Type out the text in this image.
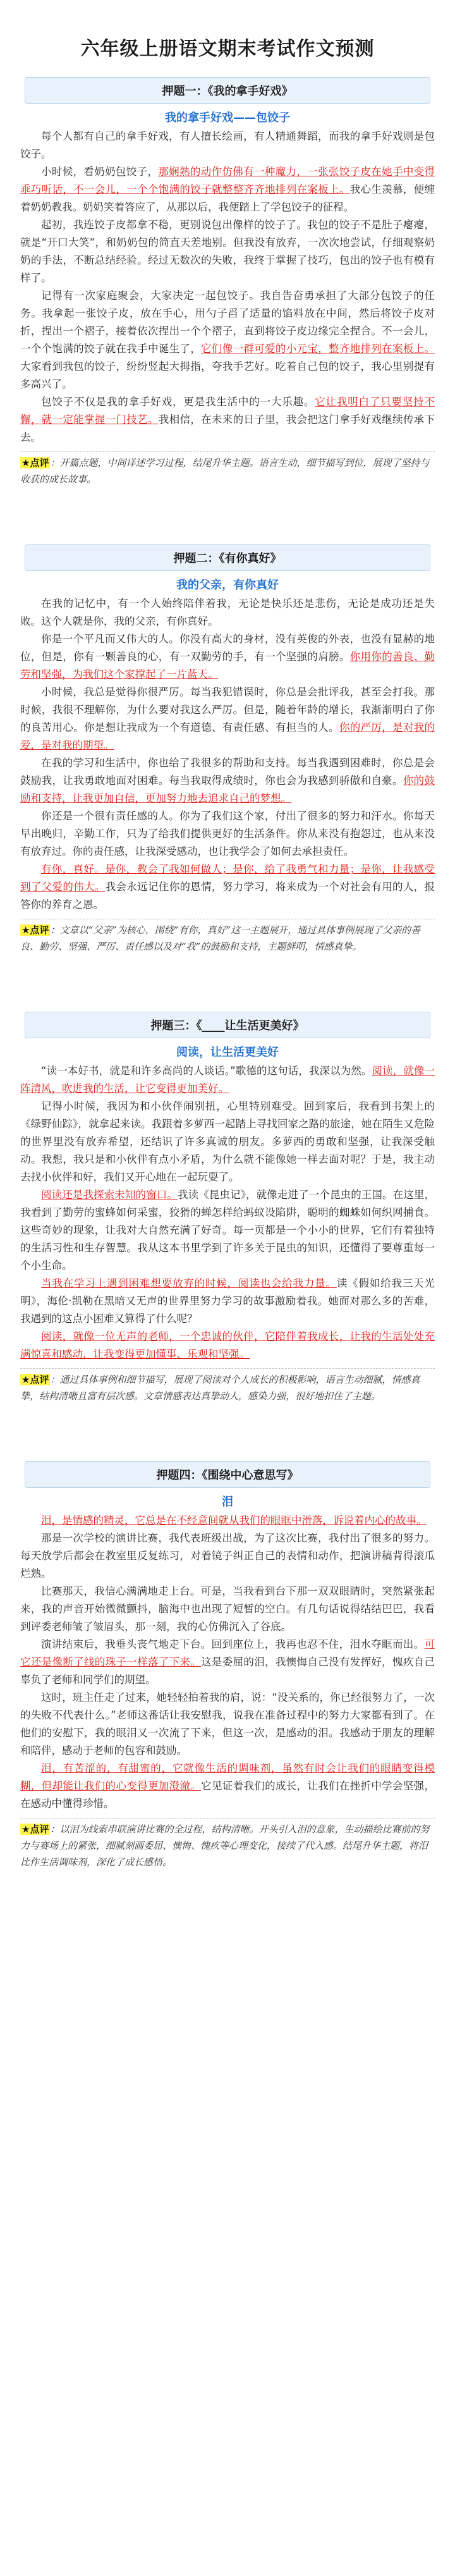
六年级上册语文期末考试作文预测
押题一：《我的拿手好戏》
我的拿手好戏——包饺子

每个人都有自己的拿手好戏，有人擅长绘画，有人精通舞蹈，而我的拿手好戏则是包饺子。

小时候，看奶奶包饺子，那娴熟的动作仿佛有一种魔力，一张张饺子皮在她手中变得乖巧听话，不一会儿，一个个饱满的饺子就整整齐齐地排列在案板上。我心生羡慕，便缠着奶奶教我。奶奶笑着答应了，从那以后，我便踏上了学包饺子的征程。

起初，我连饺子皮都拿不稳，更别说包出像样的饺子了。我包的饺子不是肚子瘪瘪，就是“开口大笑”，和奶奶包的简直天差地别。但我没有放弃，一次次地尝试，仔细观察奶奶的手法，不断总结经验。经过无数次的失败，我终于掌握了技巧，包出的饺子也有模有样了。

记得有一次家庭聚会，大家决定一起包饺子。我自告奋勇承担了大部分包饺子的任务。我拿起一张饺子皮，放在手心，用勺子舀了适量的馅料放在中间，然后将饺子皮对折，捏出一个褶子，接着依次捏出一个个褶子，直到将饺子皮边缘完全捏合。不一会儿，一个个饱满的饺子就在我手中诞生了，它们像一群可爱的小元宝，整齐地排列在案板上。大家看到我包的饺子，纷纷竖起大拇指，夸我手艺好。吃着自己包的饺子，我心里别提有多高兴了。

包饺子不仅是我的拿手好戏，更是我生活中的一大乐趣。它让我明白了只要坚持不懈，就一定能掌握一门技艺。我相信，在未来的日子里，我会把这门拿手好戏继续传承下去。

★点评 ：开篇点题，中间详述学习过程，结尾升华主题。语言生动，细节描写到位，展现了坚持与收获的成长故事。
押题二：《有你真好》
我的父亲，有你真好

在我的记忆中，有一个人始终陪伴着我，无论是快乐还是悲伤，无论是成功还是失败。这个人就是你，我的父亲，有你真好。

你是一个平凡而又伟大的人。你没有高大的身材，没有英俊的外表，也没有显赫的地位，但是，你有一颗善良的心，有一双勤劳的手，有一个坚强的肩膀。你用你的善良、勤劳和坚强，为我们这个家撑起了一片蓝天。

小时候，我总是觉得你很严厉。每当我犯错误时，你总是会批评我，甚至会打我。那时候，我很不理解你，为什么要对我这么严厉。但是，随着年龄的增长，我渐渐明白了你的良苦用心。你是想让我成为一个有道德、有责任感、有担当的人。你的严厉，是对我的爱，是对我的期望。

在我的学习和生活中，你也给了我很多的帮助和支持。每当我遇到困难时，你总是会鼓励我，让我勇敢地面对困难。每当我取得成绩时，你也会为我感到骄傲和自豪。你的鼓励和支持，让我更加自信，更加努力地去追求自己的梦想。

你还是一个很有责任感的人。你为了我们这个家，付出了很多的努力和汗水。你每天早出晚归，辛勤工作，只为了给我们提供更好的生活条件。你从来没有抱怨过，也从来没有放弃过。你的责任感，让我深受感动，也让我学会了如何去承担责任。

有你，真好。是你，教会了我如何做人；是你，给了我勇气和力量；是你，让我感受到了父爱的伟大。我会永远记住你的恩情，努力学习，将来成为一个对社会有用的人，报答你的养育之恩。

★点评 ：文章以“父亲”为核心，围绕“有你，真好”这一主题展开，通过具体事例展现了父亲的善良、勤劳、坚强、严厉、责任感以及对“我”的鼓励和支持，主题鲜明，情感真挚。
押题三：《____让生活更美好》
阅读，让生活更美好

“读一本好书，就是和许多高尚的人谈话。”歌德的这句话，我深以为然。阅读，就像一阵清风，吹进我的生活，让它变得更加美好。

记得小时候，我因为和小伙伴闹别扭，心里特别难受。回到家后，我看到书架上的《绿野仙踪》，就拿起来读。我跟着多萝西一起踏上寻找回家之路的旅途，她在陌生又危险的世界里没有放弃希望，还结识了许多真诚的朋友。多萝西的勇敢和坚强，让我深受触动。我想，我只是和小伙伴有点小矛盾，为什么就不能像她一样去面对呢？于是，我主动去找小伙伴和好，我们又开心地在一起玩耍了。

阅读还是我探索未知的窗口。我读《昆虫记》，就像走进了一个昆虫的王国。在这里，我看到了勤劳的蜜蜂如何采蜜，狡猾的蝉怎样给蚂蚁设陷阱，聪明的蜘蛛如何织网捕食。这些奇妙的现象，让我对大自然充满了好奇。每一页都是一个小小的世界，它们有着独特的生活习性和生存智慧。我从这本书里学到了许多关于昆虫的知识，还懂得了要尊重每一个小生命。

当我在学习上遇到困难想要放弃的时候，阅读也会给我力量。读《假如给我三天光明》，海伦·凯勒在黑暗又无声的世界里努力学习的故事激励着我。她面对那么多的苦难，我遇到的这点小困难又算得了什么呢？

阅读，就像一位无声的老师，一个忠诚的伙伴，它陪伴着我成长，让我的生活处处充满惊喜和感动，让我变得更加懂事、乐观和坚强。

★点评 ：通过具体事例和细节描写，展现了阅读对个人成长的积极影响，语言生动细腻，情感真挚，结构清晰且富有层次感。文章情感表达真挚动人，感染力强，很好地扣住了主题。
押题四：《围绕中心意思写》
泪

泪，是情感的精灵，它总是在不经意间就从我们的眼眶中滑落，诉说着内心的故事。

那是一次学校的演讲比赛，我代表班级出战，为了这次比赛，我付出了很多的努力。每天放学后都会在教室里反复练习，对着镜子纠正自己的表情和动作，把演讲稿背得滚瓜烂熟。

比赛那天，我信心满满地走上台。可是，当我看到台下那一双双眼睛时，突然紧张起来，我的声音开始微微颤抖，脑海中也出现了短暂的空白。有几句话说得结结巴巴，我看到评委老师皱了皱眉头，那一刻，我的心仿佛沉入了谷底。

演讲结束后，我垂头丧气地走下台。回到座位上，我再也忍不住，泪水夺眶而出。可它还是像断了线的珠子一样落了下来。这是委屈的泪，我懊悔自己没有发挥好，愧疚自己辜负了老师和同学们的期望。

这时，班主任走了过来，她轻轻拍着我的肩，说：“没关系的，你已经很努力了，一次的失败不代表什么。”老师这番话让我安慰我，说我在准备过程中的努力大家都看到了。在他们的安慰下，我的眼泪又一次流了下来，但这一次，是感动的泪。我感动于朋友的理解和陪伴，感动于老师的包容和鼓励。

泪，有苦涩的，有甜蜜的，它就像生活的调味剂，虽然有时会让我们的眼睛变得模糊，但却能让我们的心变得更加澄澈。它见证着我们的成长，让我们在挫折中学会坚强，在感动中懂得珍惜。

★点评 ：以泪为线索串联演讲比赛的全过程，结构清晰。开头引入泪的意象，生动描绘比赛前的努力与赛场上的紧张，细腻刻画委屈、懊悔、愧疚等心理变化，接续了代入感。结尾升华主题，将泪比作生活调味剂，深化了成长感悟。
